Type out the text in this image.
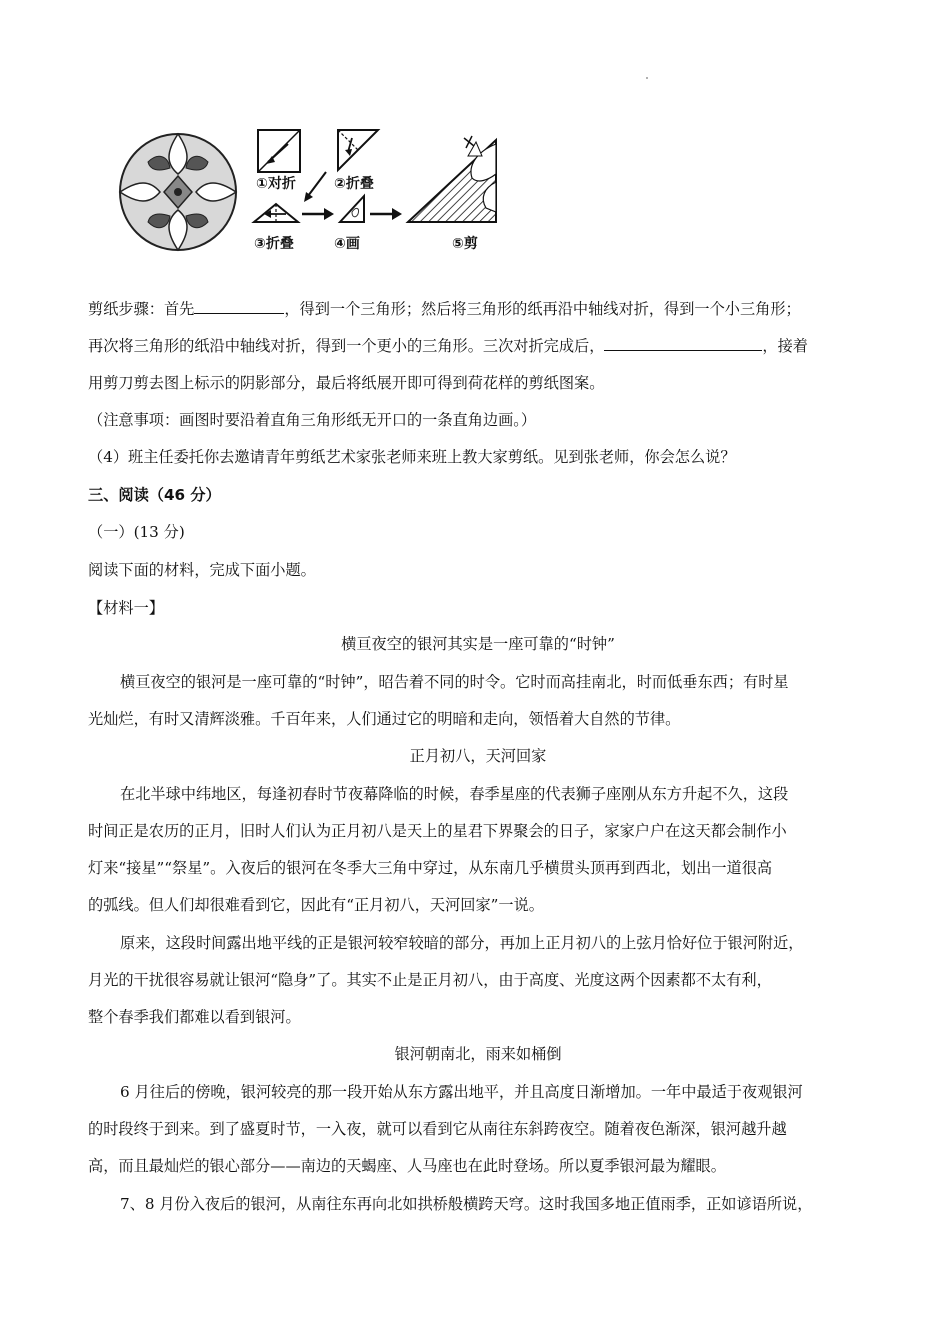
①对折	②折叠
③折叠	④画	⑤剪
剪纸步骤：首先	，得到一个三角形；然后将三角形的纸再沿中轴线对折，得到一个小三角形；
再次将三角形的纸沿中轴线对折，得到一个更小的三角形。三次对折完成后，	，接着
用剪刀剪去图上标示的阴影部分，最后将纸展开即可得到荷花样的剪纸图案。
（注意事项：画图时要沿着直角三角形纸无开口的一条直角边画。）
（4）班主任委托你去邀请青年剪纸艺术家张老师来班上教大家剪纸。见到张老师，你会怎么说？
三、阅读（46 分）
（一）(13 分)
阅读下面的材料，完成下面小题。
【材料一】
横亘夜空的银河其实是一座可靠的“时钟”
横亘夜空的银河是一座可靠的“时钟”，昭告着不同的时令。它时而高挂南北，时而低垂东西；有时星
光灿烂，有时又清辉淡雅。千百年来，人们通过它的明暗和走向，领悟着大自然的节律。
正月初八，天河回家
在北半球中纬地区，每逢初春时节夜幕降临的时候，春季星座的代表狮子座刚从东方升起不久，这段
时间正是农历的正月，旧时人们认为正月初八是天上的星君下界聚会的日子，家家户户在这天都会制作小
灯来“接星”“祭星”。入夜后的银河在冬季大三角中穿过，从东南几乎横贯头顶再到西北，划出一道很高
的弧线。但人们却很难看到它，因此有“正月初八，天河回家”一说。
原来，这段时间露出地平线的正是银河较窄较暗的部分，再加上正月初八的上弦月恰好位于银河附近，
月光的干扰很容易就让银河“隐身”了。其实不止是正月初八，由于高度、光度这两个因素都不太有利，
整个春季我们都难以看到银河。
银河朝南北，雨来如桶倒
6 月往后的傍晚，银河较亮的那一段开始从东方露出地平，并且高度日渐增加。一年中最适于夜观银河
的时段终于到来。到了盛夏时节，一入夜，就可以看到它从南往东斜跨夜空。随着夜色渐深，银河越升越
高，而且最灿烂的银心部分——南边的天蝎座、人马座也在此时登场。所以夏季银河最为耀眼。
7、8 月份入夜后的银河，从南往东再向北如拱桥般横跨天穹。这时我国多地正值雨季，正如谚语所说，
